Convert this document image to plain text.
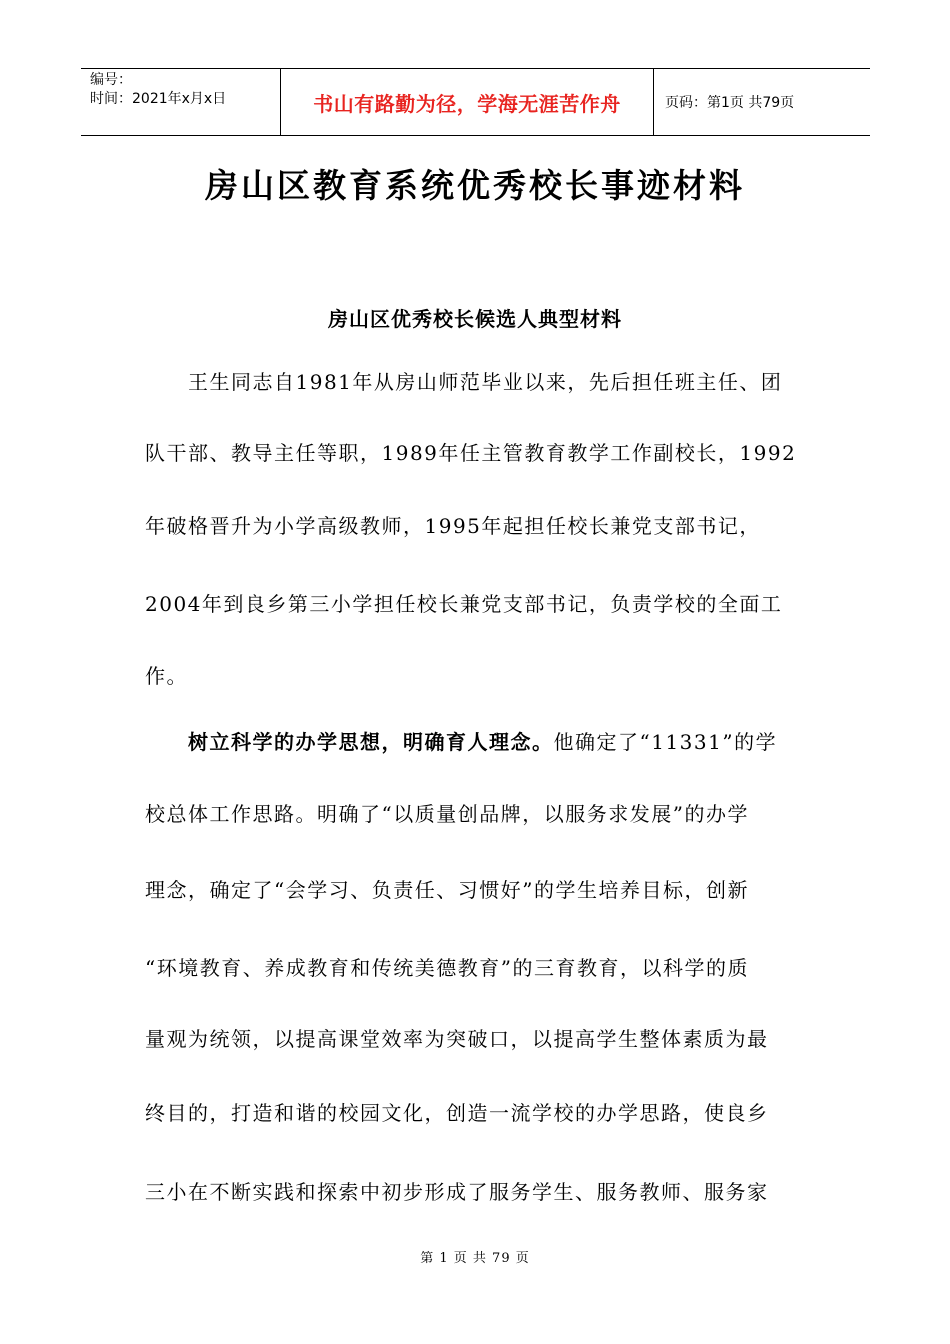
编号：
时间：2021年x月x日	书山有路勤为径，学海无涯苦作舟	页码：第1页 共79页
房山区教育系统优秀校长事迹材料
房山区优秀校长候选人典型材料
　　王生同志自1981年从房山师范毕业以来，先后担任班主任、团
队干部、教导主任等职，1989年任主管教育教学工作副校长，1992
年破格晋升为小学高级教师，1995年起担任校长兼党支部书记，
2004年到良乡第三小学担任校长兼党支部书记，负责学校的全面工
作。
　　树立科学的办学思想，明确育人理念。他确定了“11331”的学
校总体工作思路。明确了“以质量创品牌，以服务求发展”的办学
理念，确定了“会学习、负责任、习惯好”的学生培养目标，创新
“环境教育、养成教育和传统美德教育”的三育教育，以科学的质
量观为统领，以提高课堂效率为突破口，以提高学生整体素质为最
终目的，打造和谐的校园文化，创造一流学校的办学思路，使良乡
三小在不断实践和探索中初步形成了服务学生、服务教师、服务家
第 1 页 共 79 页
